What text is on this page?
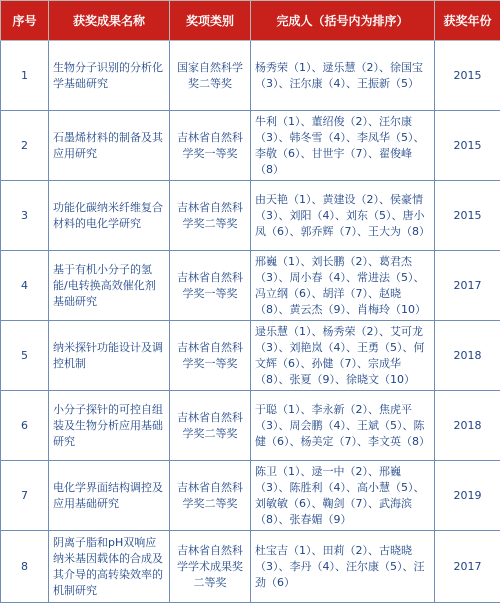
序号	获奖成果名称	奖项类别	完成人（括号内为排序）	获奖年份
1	生物分子识别的分析化学基础研究	国家自然科学奖二等奖	杨秀荣（1）、逯乐慧（2）、徐国宝（3）、汪尔康（4）、王振新（5）	2015
2	石墨烯材料的制备及其应用研究	吉林省自然科学奖一等奖	牛利（1）、董绍俊（2）、汪尔康（3）、韩冬雪（4）、李凤华（5）、李敬（6）、甘世宇（7）、翟俊峰（8）	2015
3	功能化碳纳米纤维复合材料的电化学研究	吉林省自然科学奖二等奖	由天艳（1）、黄建设（2）、侯豪情（3）、刘阳（4）、刘东（5）、唐小凤（6）、郭乔辉（7）、王大为（8）	2015
4	基于有机小分子的氢能/电转换高效催化剂基础研究	吉林省自然科学奖一等奖	邢巍（1）、刘长鹏（2）、葛君杰（3）、周小春（4）、常进法（5）、冯立纲（6）、胡洋（7）、赵晓（8）、黄云杰（9）、肖梅玲（10）	2017
5	纳米探针功能设计及调控机制	吉林省自然科学奖一等奖	逯乐慧（1）、杨秀荣（2）、艾可龙（3）、刘艳岚（4）、王勇（5）、何文辉（6）、孙健（7）、宗成华（8）、张夏（9）、徐晓文（10）	2018
6	小分子探针的可控自组装及生物分析应用基础研究	吉林省自然科学奖二等奖	于聪（1）、李永新（2）、焦虎平（3）、周会鹏（4）、王斌（5）、陈健（6）、杨美定（7）、李文英（8）	2018
7	电化学界面结构调控及应用基础研究	吉林省自然科学奖二等奖	陈卫（1）、逯一中（2）、邢巍（3）、陈胜利（4）、高小慧（5）、刘敏敏（6）、鞠剑（7）、武海滨（8）、张春媚（9）	2019
8	阴离子脂和pH双响应纳米基因载体的合成及其介导的高转染效率的机制研究	吉林省自然科学学术成果奖二等奖	杜宝吉（1）、田莉（2）、古晓晓（3）、李丹（4）、汪尔康（5）、汪劲（6）	2017
